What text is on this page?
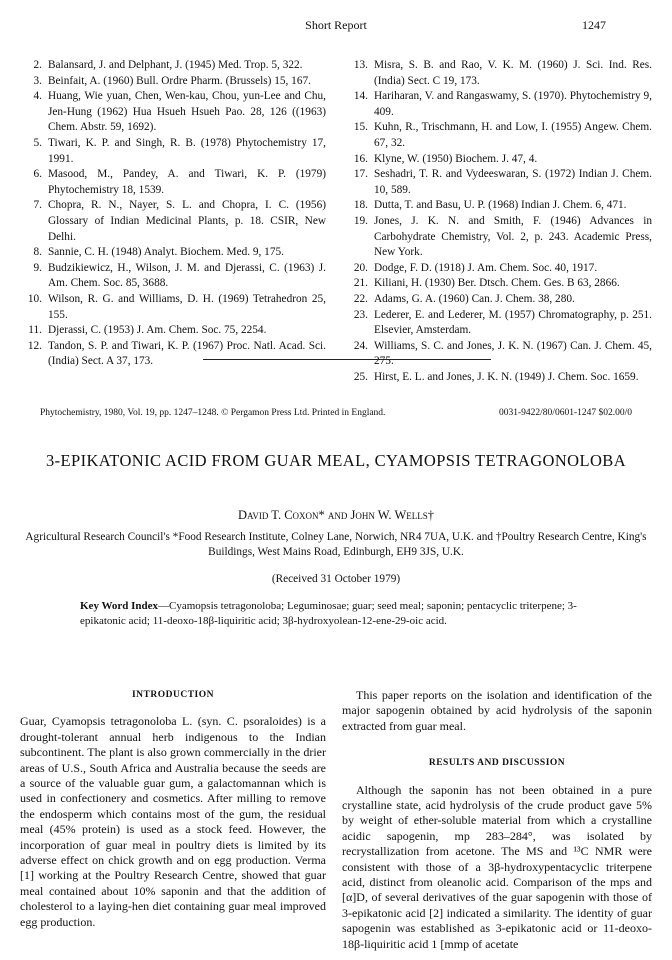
Short Report	1247
2. Balansard, J. and Delphant, J. (1945) Med. Trop. 5, 322.
3. Beinfait, A. (1960) Bull. Ordre Pharm. (Brussels) 15, 167.
4. Huang, Wie yuan, Chen, Wen-kau, Chou, yun-Lee and Chu, Jen-Hung (1962) Hua Hsueh Hsueh Pao. 28, 126 ((1963) Chem. Abstr. 59, 1692).
5. Tiwari, K. P. and Singh, R. B. (1978) Phytochemistry 17, 1991.
6. Masood, M., Pandey, A. and Tiwari, K. P. (1979) Phytochemistry 18, 1539.
7. Chopra, R. N., Nayer, S. L. and Chopra, I. C. (1956) Glossary of Indian Medicinal Plants, p. 18. CSIR, New Delhi.
8. Sannie, C. H. (1948) Analyt. Biochem. Med. 9, 175.
9. Budzikiewicz, H., Wilson, J. M. and Djerassi, C. (1963) J. Am. Chem. Soc. 85, 3688.
10. Wilson, R. G. and Williams, D. H. (1969) Tetrahedron 25, 155.
11. Djerassi, C. (1953) J. Am. Chem. Soc. 75, 2254.
12. Tandon, S. P. and Tiwari, K. P. (1967) Proc. Natl. Acad. Sci. (India) Sect. A 37, 173.
13. Misra, S. B. and Rao, V. K. M. (1960) J. Sci. Ind. Res. (India) Sect. C 19, 173.
14. Hariharan, V. and Rangaswamy, S. (1970). Phytochemistry 9, 409.
15. Kuhn, R., Trischmann, H. and Low, I. (1955) Angew. Chem. 67, 32.
16. Klyne, W. (1950) Biochem. J. 47, 4.
17. Seshadri, T. R. and Vydeeswaran, S. (1972) Indian J. Chem. 10, 589.
18. Dutta, T. and Basu, U. P. (1968) Indian J. Chem. 6, 471.
19. Jones, J. K. N. and Smith, F. (1946) Advances in Carbohydrate Chemistry, Vol. 2, p. 243. Academic Press, New York.
20. Dodge, F. D. (1918) J. Am. Chem. Soc. 40, 1917.
21. Kiliani, H. (1930) Ber. Dtsch. Chem. Ges. B 63, 2866.
22. Adams, G. A. (1960) Can. J. Chem. 38, 280.
23. Lederer, E. and Lederer, M. (1957) Chromatography, p. 251. Elsevier, Amsterdam.
24. Williams, S. C. and Jones, J. K. N. (1967) Can. J. Chem. 45, 275.
25. Hirst, E. L. and Jones, J. K. N. (1949) J. Chem. Soc. 1659.
Phytochemistry, 1980, Vol. 19, pp. 1247–1248. © Pergamon Press Ltd. Printed in England.	0031-9422/80/0601-1247 $02.00/0
3-EPIKATONIC ACID FROM GUAR MEAL, CYAMOPSIS TETRAGONOLOBA
David T. Coxon* and John W. Wells†
Agricultural Research Council's *Food Research Institute, Colney Lane, Norwich, NR4 7UA, U.K. and †Poultry Research Centre, King's Buildings, West Mains Road, Edinburgh, EH9 3JS, U.K.
(Received 31 October 1979)
Key Word Index—Cyamopsis tetragonoloba; Leguminosae; guar; seed meal; saponin; pentacyclic triterpene; 3-epikatonic acid; 11-deoxo-18β-liquiritic acid; 3β-hydroxyolean-12-ene-29-oic acid.
INTRODUCTION

Guar, Cyamopsis tetragonoloba L. (syn. C. psoraloides) is a drought-tolerant annual herb indigenous to the Indian subcontinent. The plant is also grown commercially in the drier areas of U.S., South Africa and Australia because the seeds are a source of the valuable guar gum, a galactomannan which is used in confectionery and cosmetics. After milling to remove the endosperm which contains most of the gum, the residual meal (45% protein) is used as a stock feed. However, the incorporation of guar meal in poultry diets is limited by its adverse effect on chick growth and on egg production. Verma [1] working at the Poultry Research Centre, showed that guar meal contained about 10% saponin and that the addition of cholesterol to a laying-hen diet containing guar meal improved egg production.

This paper reports on the isolation and identification of the major sapogenin obtained by acid hydrolysis of the saponin extracted from guar meal.

RESULTS AND DISCUSSION

Although the saponin has not been obtained in a pure crystalline state, acid hydrolysis of the crude product gave 5% by weight of ether-soluble material from which a crystalline acidic sapogenin, mp 283–284°, was isolated by recrystallization from acetone. The MS and ¹³C NMR were consistent with those of a 3β-hydroxypentacyclic triterpene acid, distinct from oleanolic acid. Comparison of the mps and [α]D, of several derivatives of the guar sapogenin with those of 3-epikatonic acid [2] indicated a similarity. The identity of guar sapogenin was established as 3-epikatonic acid or 11-deoxo-18β-liquiritic acid 1 [mmp of acetate
